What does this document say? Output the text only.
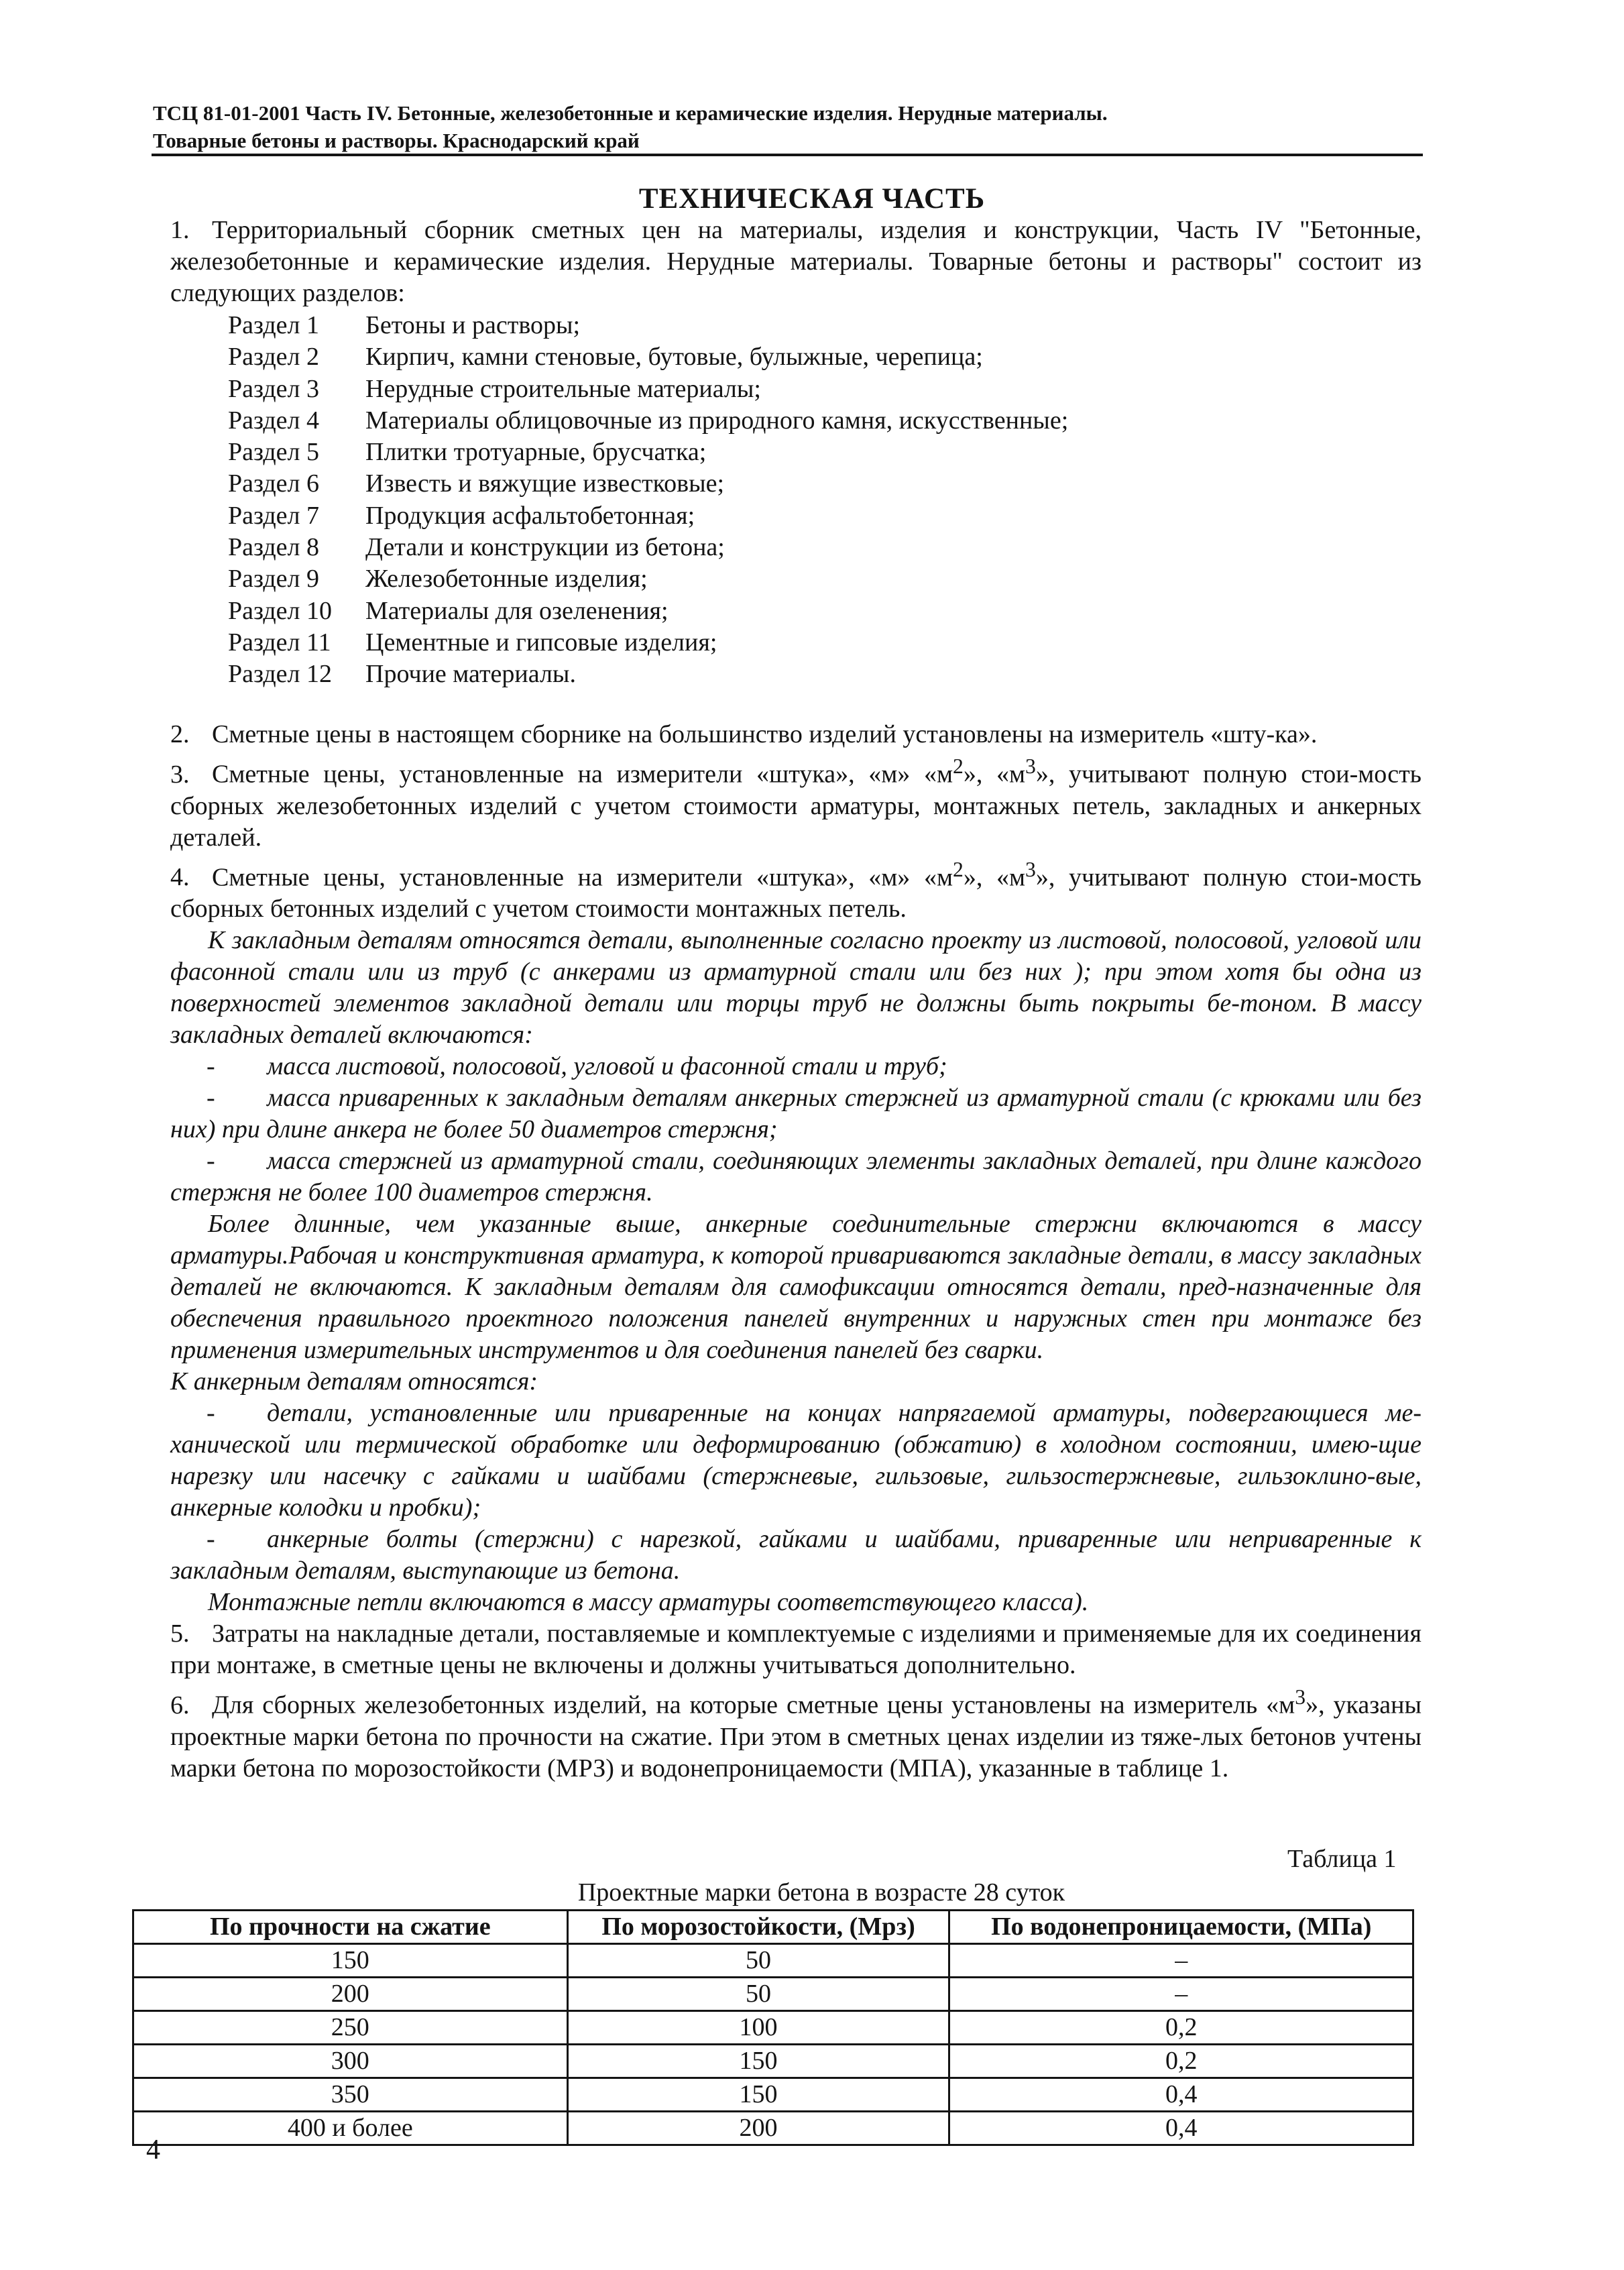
ТСЦ 81-01-2001 Часть IV. Бетонные, железобетонные и керамические изделия. Нерудные материалы.
Товарные бетоны и растворы. Краснодарский край
ТЕХНИЧЕСКАЯ ЧАСТЬ

1. Территориальный сборник сметных цен на материалы, изделия и конструкции, Часть IV "Бетонные, железобетонные и керамические изделия. Нерудные материалы. Товарные бетоны и растворы" состоит из следующих разделов:

Раздел 1	Бетоны и растворы;
Раздел 2	Кирпич, камни стеновые, бутовые, булыжные, черепица;
Раздел 3	Нерудные строительные материалы;
Раздел 4	Материалы облицовочные из природного камня, искусственные;
Раздел 5	Плитки тротуарные, брусчатка;
Раздел 6	Известь и вяжущие известковые;
Раздел 7	Продукция асфальтобетонная;
Раздел 8	Детали и конструкции из бетона;
Раздел 9	Железобетонные изделия;
Раздел 10	Материалы для озеленения;
Раздел 11	Цементные и гипсовые изделия;
Раздел 12	Прочие материалы.

2. Сметные цены в настоящем сборнике на большинство изделий установлены на измеритель «шту-ка».

3. Сметные цены, установленные на измерители «штука», «м» «$м^2$», «$м^3$», учитывают полную стои-мость сборных железобетонных изделий с учетом стоимости арматуры, монтажных петель, закладных и анкерных деталей.

4. Сметные цены, установленные на измерители «штука», «м» «$м^2$», «$м^3$», учитывают полную стои-мость сборных бетонных изделий с учетом стоимости монтажных петель.

К закладным деталям относятся детали, выполненные согласно проекту из листовой, полосовой, угловой или фасонной стали или из труб (с анкерами из арматурной стали или без них ); при этом хотя бы одна из поверхностей элементов закладной детали или торцы труб не должны быть покрыты бе-тоном. В массу закладных деталей включаются:

- масса листовой, полосовой, угловой и фасонной стали и труб;

- масса приваренных к закладным деталям анкерных стержней из арматурной стали (с крюками или без них) при длине анкера не более 50 диаметров стержня;

- масса стержней из арматурной стали, соединяющих элементы закладных деталей, при длине каждого стержня не более 100 диаметров стержня.

Более длинные, чем указанные выше, анкерные соединительные стержни включаются в массу арматуры.Рабочая и конструктивная арматура, к которой привариваются закладные детали, в массу закладных деталей не включаются. К закладным деталям для самофиксации относятся детали, пред-назначенные для обеспечения правильного проектного положения панелей внутренних и наружных стен при монтаже без применения измерительных инструментов и для соединения панелей без сварки.

К анкерным деталям относятся:

- детали, установленные или приваренные на концах напрягаемой арматуры, подвергающиеся ме-ханической или термической обработке или деформированию (обжатию) в холодном состоянии, имею-щие нарезку или насечку с гайками и шайбами (стержневые, гильзовые, гильзостержневые, гильзоклино-вые, анкерные колодки и пробки);

- анкерные болты (стержни) с нарезкой, гайками и шайбами, приваренные или неприваренные к закладным деталям, выступающие из бетона.

Монтажные петли включаются в массу арматуры соответствующего класса).

5. Затраты на накладные детали, поставляемые и комплектуемые с изделиями и применяемые для их соединения при монтаже, в сметные цены не включены и должны учитываться дополнительно.

6. Для сборных железобетонных изделий, на которые сметные цены установлены на измеритель «$м^3$», указаны проектные марки бетона по прочности на сжатие. При этом в сметных ценах изделии из тяже-лых бетонов учтены марки бетона по морозостойкости (МРЗ) и водонепроницаемости (МПА), указанные в таблице 1.

Таблица 1
Проектные марки бетона в возрасте 28 суток
По прочности на сжатие	По морозостойкости, (Мрз)	По водонепроницаемости, (МПа)
150	50	–
200	50	–
250	100	0,2
300	150	0,2
350	150	0,4
400 и более	200	0,4
4
